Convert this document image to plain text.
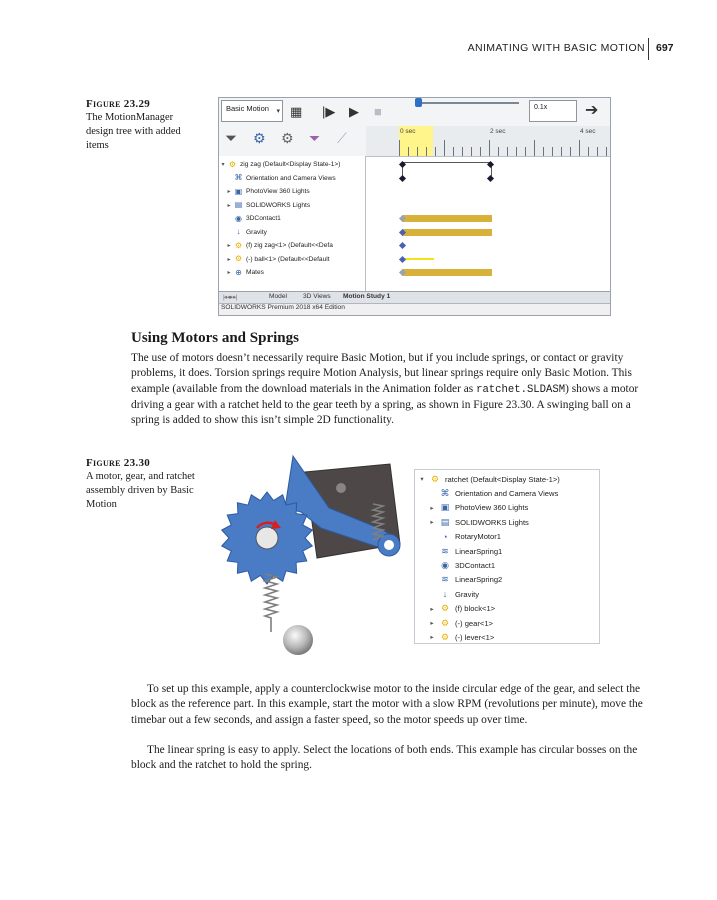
ANIMATING WITH BASIC MOTION 697
Figure 23.29
The MotionManager design tree with added items
Basic Motion ▾ ▦ |▶ ▶ ■	0.1x	➔
⏷ ⚙ ⚙ ⏷ ⟋
▾ ⚙ zig zag (Default<Display State-1>)
⌘ Orientation and Camera Views
▸ ▣ PhotoView 360 Lights
▸ ▤ SOLIDWORKS Lights
◉ 3DContact1
↓ Gravity
▸ ⚙ (f) zig zag<1> (Default<<Defa
▸ ⚙ (-) ball<1> (Default<<Default
▸ ⊕ Mates
0 sec	2 sec	4 sec
|◂ ◂ ▸ ▸|	Model 3D Views Motion Study 1
SOLIDWORKS Premium 2018 x64 Edition
Using Motors and Springs
The use of motors doesn’t necessarily require Basic Motion, but if you include springs, or contact or gravity problems, it does. Torsion springs require Motion Analysis, but linear springs require only Basic Motion. This example (available from the download materials in the Animation folder as ratchet.SLDASM) shows a motor driving a gear with a ratchet held to the gear teeth by a spring, as shown in Figure 23.30. A swinging ball on a spring is added to show this isn’t simple 2D functionality.
Figure 23.30
A motor, gear, and ratchet assembly driven by Basic Motion
▾ ⚙ ratchet (Default<Display State-1>)
⌘ Orientation and Camera Views
▸ ▣ PhotoView 360 Lights
▸ ▤ SOLIDWORKS Lights
◔ RotaryMotor1
≋ LinearSpring1
◉ 3DContact1
≋ LinearSpring2
↓	Gravity
▸ ⚙ (f) block<1>
▸ ⚙ (-) gear<1>
▸ ⚙ (-) lever<1>
To set up this example, apply a counterclockwise motor to the inside circular edge of the gear, and select the block as the reference part. In this example, start the motor with a slow RPM (revolutions per minute), move the timebar out a few seconds, and assign a faster speed, so the motor speeds up over time.
The linear spring is easy to apply. Select the locations of both ends. This example has circular bosses on the block and the ratchet to hold the spring.
